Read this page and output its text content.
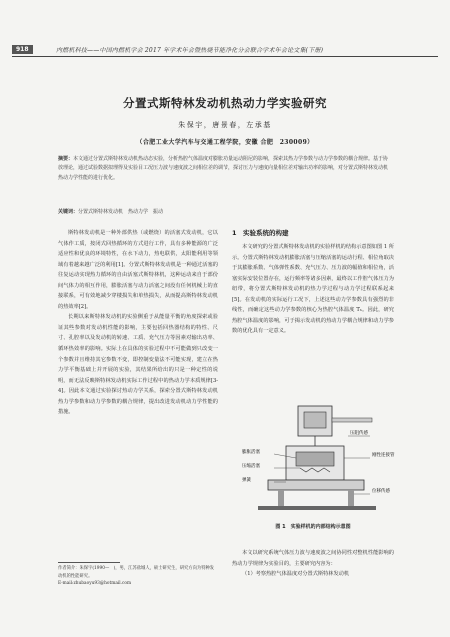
918	内燃机科技——中国内燃机学会 2017 年学术年会暨热烧节能净化分会联合学术年会论文集(下册)
分置式斯特林发动机热动力学实验研究
朱保宇，唐景春，左承基
（合肥工业大学汽车与交通工程学院，安徽 合肥　230009）
摘要：本文通过分置式斯特林发动机热动态实验，分析热腔气体温度对膨胀功量运动阻尼的影响，探索其热力学参数与动力学参数的耦合规律。基于协放理论，通过试验数据拟理得及实验目工况压力波与速度波之间相位差的调节，探讨压力与速度向量相位差对输出功率的影响，对分置式斯特林发动机热动力学性能的进行优化。
关键词：分置式斯特林发动机　热动力学　振动

斯特林发动机是一种外部供热（或燃烧）的活塞式发动机，它以气体作工质，按闭式回热循环的方式进行工作，具有多种能源的广泛适应性和优良的环境特性，在水下动力，热电联供，太阳能利用等领域有着越来越广泛的利用[1]。分置式斯特林发动机是一种通过活塞的往复运动实现热力循环的自由活塞式斯特林机，这种运动来自于部份间气体力的相互作用，膨胀活塞与动力活塞之间没有任何机械上的直接联系，可有效地减少穿楼损失和单热损失，从而提高斯特林发动机的热效率[2]。

长期以来斯特林发动机的实验侧重于从能量平衡的角度探索或验证其些参数对发动机性能的影响，主要包括回热器结构的特性、尺寸、孔腔率以及发动机的转速、工质、充气压力等因素对输出功率、循环热效率的影响。实际上在具体的实验过程中不可能做到只改变一个参数并且维持其它参数不变，即控制变量法不可能实现，建立在热力学平衡基础上并开展的实验，其结果所给出的只是一种定性的说明，而无法反映斯特林发动机实际工作过程中的热动力学本质规律[3-4]。因此本文通过实验探讨热动力学关系，探索分置式斯特林发动机热力学参数和动力学参数的耦合规律，提出改进发动机动力学性能的措施。

1　实验系统的构建

本文研究的分置式斯特林发动机的实验样机的结构示意图如图 1 所示。分置式斯特林发动机膨胀活塞与压缩活塞的运动行程、相位角取决于其膨胀系数、气体弹性系数、充气压力、压力波的幅值和相位角，活塞实际安装位置存在，运行频率等诸多因素，最终以工作腔气体压力为纽带，将分置式斯特林发动机的热力学过程与动力学过程联系起来[5]。在发动机的实际运行工况下，上述这些动力学参数具有强烈的非线性，而确定这些动力学参数的核心为热腔气体温度 Tₕ。因此，研究热腔气体温度的影响，可于揭示发动机的热动力学耦合规律和动力学参数的优化具有一定意义。

压阻传感
膨胀活塞
压缩活塞
刚性连接管
弹簧
位移传感
图 1　实验样机的内部结构示意图

本文以研究系统气体压力波与速度波之间协同性对整机性能影响的热动力学规律为实验目的，主要研究内容为：

（1）考察热腔气体温度对分置式斯特林发动机

作者简介：朱保宇(1990—　)，男，江苏盐城人，硕士研究生，研究方向为特种发动机的性能研究。
E-mail:zhubaoyu93@hotmail.com
